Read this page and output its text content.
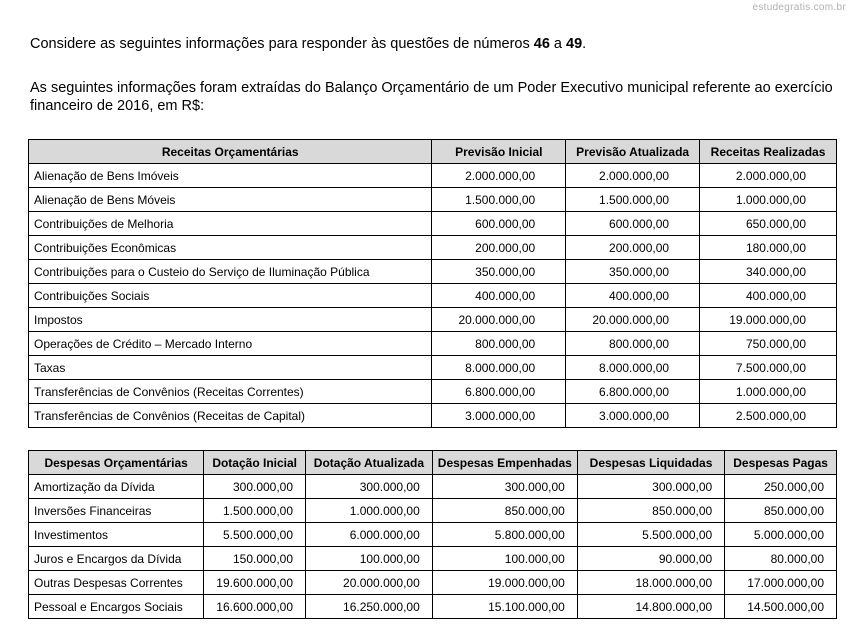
estudegratis.com.br
Considere as seguintes informações para responder às questões de números 46 a 49.
As seguintes informações foram extraídas do Balanço Orçamentário de um Poder Executivo municipal referente ao exercício financeiro de 2016, em R$:
Receitas Orçamentárias	Previsão Inicial	Previsão Atualizada	Receitas Realizadas
Alienação de Bens Imóveis	2.000.000,00	2.000.000,00	2.000.000,00
Alienação de Bens Móveis	1.500.000,00	1.500.000,00	1.000.000,00
Contribuições de Melhoria	600.000,00	600.000,00	650.000,00
Contribuições Econômicas	200.000,00	200.000,00	180.000,00
Contribuições para o Custeio do Serviço de Iluminação Pública	350.000,00	350.000,00	340.000,00
Contribuições Sociais	400.000,00	400.000,00	400.000,00
Impostos	20.000.000,00	20.000.000,00	19.000.000,00
Operações de Crédito – Mercado Interno	800.000,00	800.000,00	750.000,00
Taxas	8.000.000,00	8.000.000,00	7.500.000,00
Transferências de Convênios (Receitas Correntes)	6.800.000,00	6.800.000,00	1.000.000,00
Transferências de Convênios (Receitas de Capital)	3.000.000,00	3.000.000,00	2.500.000,00
Despesas Orçamentárias	Dotação Inicial	Dotação Atualizada	Despesas Empenhadas	Despesas Liquidadas	Despesas Pagas
Amortização da Dívida	300.000,00	300.000,00	300.000,00	300.000,00	250.000,00
Inversões Financeiras	1.500.000,00	1.000.000,00	850.000,00	850.000,00	850.000,00
Investimentos	5.500.000,00	6.000.000,00	5.800.000,00	5.500.000,00	5.000.000,00
Juros e Encargos da Dívida	150.000,00	100.000,00	100.000,00	90.000,00	80.000,00
Outras Despesas Correntes	19.600.000,00	20.000.000,00	19.000.000,00	18.000.000,00	17.000.000,00
Pessoal e Encargos Sociais	16.600.000,00	16.250.000,00	15.100.000,00	14.800.000,00	14.500.000,00
